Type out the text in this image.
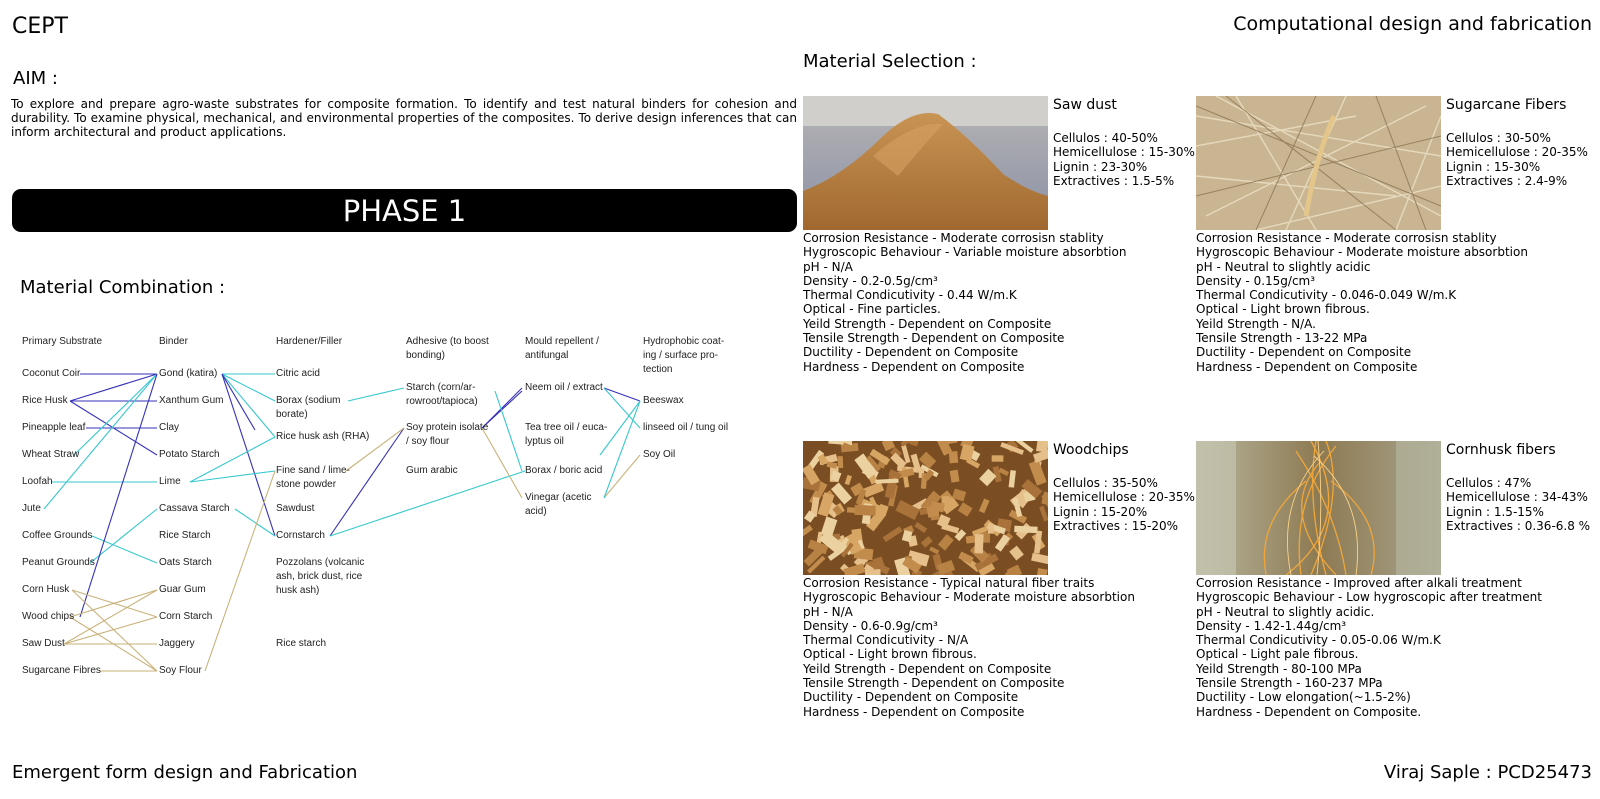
CEPT	Computational design and fabrication
AIM :
To explore and prepare agro-waste substrates for composite formation. To identify and test natural binders for cohesion and durability. To examine physical, mechanical, and environmental properties of the composites. To derive design inferences that can inform architectural and product applications.
PHASE 1
Material Combination :
Primary Substrate
Coconut Coir
Rice Husk
Pineapple leaf
Wheat Straw
Loofah
Jute
Coffee Grounds
Peanut Grounds
Corn Husk
Wood chips
Saw Dust
Sugarcane Fibres
Binder
Gond (katira)
Xanthum Gum
Clay
Potato Starch
Lime
Cassava Starch
Rice Starch
Oats Starch
Guar Gum
Corn Starch
Jaggery
Soy Flour
Hardener/Filler
Citric acid
Borax (sodium
borate)
Rice husk ash (RHA)
Fine sand / lime-
stone powder
Sawdust
Cornstarch
Pozzolans (volcanic
ash, brick dust, rice
husk ash)
Rice starch
Adhesive (to boost
bonding)
Starch (corn/ar-
rowroot/tapioca)
Soy protein isolate
/ soy flour
Gum arabic
Mould repellent /
antifungal
Neem oil / extract
Tea tree oil / euca-
lyptus oil
Borax / boric acid
Vinegar (acetic
acid)
Hydrophobic coat-
ing / surface pro-
tection
Beeswax
linseed oil / tung oil
Soy Oil
Material Selection :
Saw dust
Cellulos : 40-50%
Hemicellulose : 15-30%
Lignin : 23-30%
Extractives : 1.5-5%
Corrosion Resistance - Moderate corrosisn stablity
Hygroscopic Behaviour - Variable moisture absorbtion
pH - N/A
Density - 0.2-0.5g/cm³
Thermal Condicutivity - 0.44 W/m.K
Optical - Fine particles.
Yeild Strength - Dependent on Composite
Tensile Strength - Dependent on Composite
Ductility - Dependent on Composite
Hardness - Dependent on Composite
Sugarcane Fibers
Cellulos : 30-50%
Hemicellulose : 20-35%
Lignin : 15-30%
Extractives : 2.4-9%
Corrosion Resistance - Moderate corrosisn stablity
Hygroscopic Behaviour - Moderate moisture absorbtion
pH - Neutral to slightly acidic
Density - 0.15g/cm³
Thermal Condicutivity - 0.046-0.049 W/m.K
Optical - Light brown fibrous.
Yeild Strength - N/A.
Tensile Strength - 13-22 MPa
Ductility - Dependent on Composite
Hardness - Dependent on Composite
Woodchips
Cellulos : 35-50%
Hemicellulose : 20-35%
Lignin : 15-20%
Extractives : 15-20%
Corrosion Resistance - Typical natural fiber traits
Hygroscopic Behaviour - Moderate moisture absorbtion
pH - N/A
Density - 0.6-0.9g/cm³
Thermal Condicutivity - N/A
Optical - Light brown fibrous.
Yeild Strength - Dependent on Composite
Tensile Strength - Dependent on Composite
Ductility - Dependent on Composite
Hardness - Dependent on Composite
Cornhusk fibers
Cellulos : 47%
Hemicellulose : 34-43%
Lignin : 1.5-15%
Extractives : 0.36-6.8 %
Corrosion Resistance - Improved after alkali treatment
Hygroscopic Behaviour - Low hygroscopic after treatment
pH - Neutral to slightly acidic.
Density - 1.42-1.44g/cm³
Thermal Condicutivity - 0.05-0.06 W/m.K
Optical - Light pale fibrous.
Yeild Strength - 80-100 MPa
Tensile Strength - 160-237 MPa
Ductility - Low elongation(~1.5-2%)
Hardness - Dependent on Composite.
Emergent form design and Fabrication	Viraj Saple : PCD25473
